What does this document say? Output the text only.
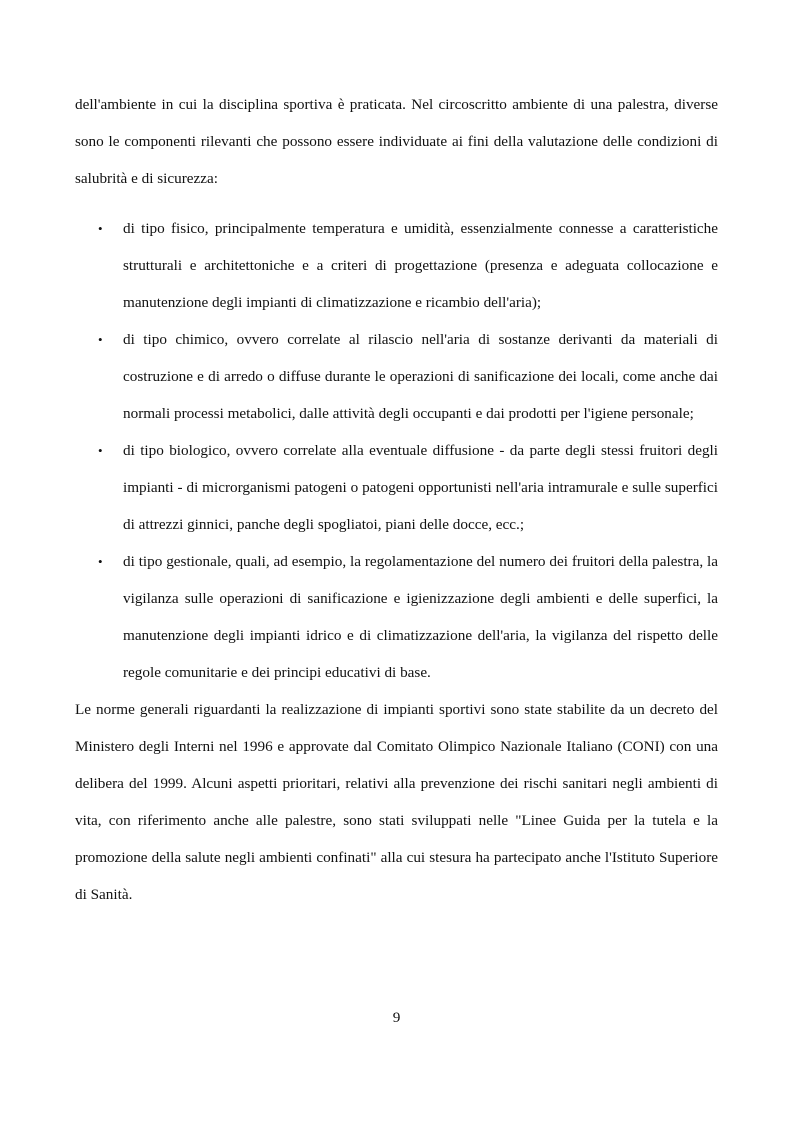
dell'ambiente in cui la disciplina sportiva è praticata. Nel circoscritto ambiente di una palestra, diverse sono le componenti rilevanti che possono essere individuate ai fini della valutazione delle condizioni di salubrità e di sicurezza:

• di tipo fisico, principalmente temperatura e umidità, essenzialmente connesse a caratteristiche strutturali e architettoniche e a criteri di progettazione (presenza e adeguata collocazione e manutenzione degli impianti di climatizzazione e ricambio dell'aria);
• di tipo chimico, ovvero correlate al rilascio nell'aria di sostanze derivanti da materiali di costruzione e di arredo o diffuse durante le operazioni di sanificazione dei locali, come anche dai normali processi metabolici, dalle attività degli occupanti e dai prodotti per l'igiene personale;
• di tipo biologico, ovvero correlate alla eventuale diffusione - da parte degli stessi fruitori degli impianti - di microrganismi patogeni o patogeni opportunisti nell'aria intramurale e sulle superfici di attrezzi ginnici, panche degli spogliatoi, piani delle docce, ecc.;
• di tipo gestionale, quali, ad esempio, la regolamentazione del numero dei fruitori della palestra, la vigilanza sulle operazioni di sanificazione e igienizzazione degli ambienti e delle superfici, la manutenzione degli impianti idrico e di climatizzazione dell'aria, la vigilanza del rispetto delle regole comunitarie e dei principi educativi di base.

Le norme generali riguardanti la realizzazione di impianti sportivi sono state stabilite da un decreto del Ministero degli Interni nel 1996 e approvate dal Comitato Olimpico Nazionale Italiano (CONI) con una delibera del 1999. Alcuni aspetti prioritari, relativi alla prevenzione dei rischi sanitari negli ambienti di vita, con riferimento anche alle palestre, sono stati sviluppati nelle "Linee Guida per la tutela e la promozione della salute negli ambienti confinati" alla cui stesura ha partecipato anche l'Istituto Superiore di Sanità.

9
